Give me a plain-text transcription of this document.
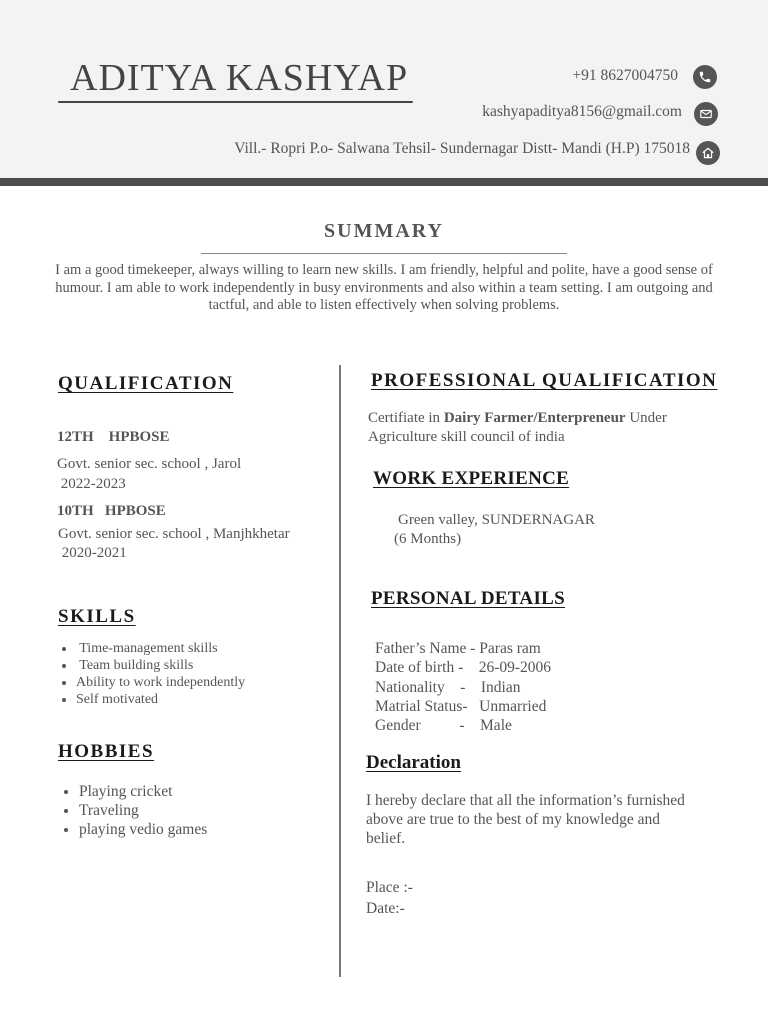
ADITYA KASHYAP	+91 8627004750
kashyapaditya8156@gmail.com
Vill.- Ropri P.o- Salwana Tehsil- Sundernagar Distt- Mandi (H.P) 175018
SUMMARY
I am a good timekeeper, always willing to learn new skills. I am friendly, helpful and polite, have a good sense of humour. I am able to work independently in busy environments and also within a team setting. I am outgoing and tactful, and able to listen effectively when solving problems.
QUALIFICATION
12TH    HPBOSE
Govt. senior sec. school , Jarol
2022-2023
10TH   HPBOSE
Govt. senior sec. school , Manjhkhetar
2020-2021
SKILLS
•  Time-management skills
•  Team building skills
• Ability to work independently
• Self motivated
HOBBIES
• Playing cricket
• Traveling
• playing vedio games
PROFESSIONAL QUALIFICATION
Certifiate in Dairy Farmer/Enterpreneur Under
Agriculture skill council of india
WORK EXPERIENCE
Green valley, SUNDERNAGAR
(6 Months)
PERSONAL DETAILS
Father’s Name - Paras ram
Date of birth -    26-09-2006
Nationality    -    Indian
Matrial Status-   Unmarried
Gender          -    Male
Declaration
I hereby declare that all the information’s furnished above are true to the best of my knowledge and belief.
Place :-
Date:-
